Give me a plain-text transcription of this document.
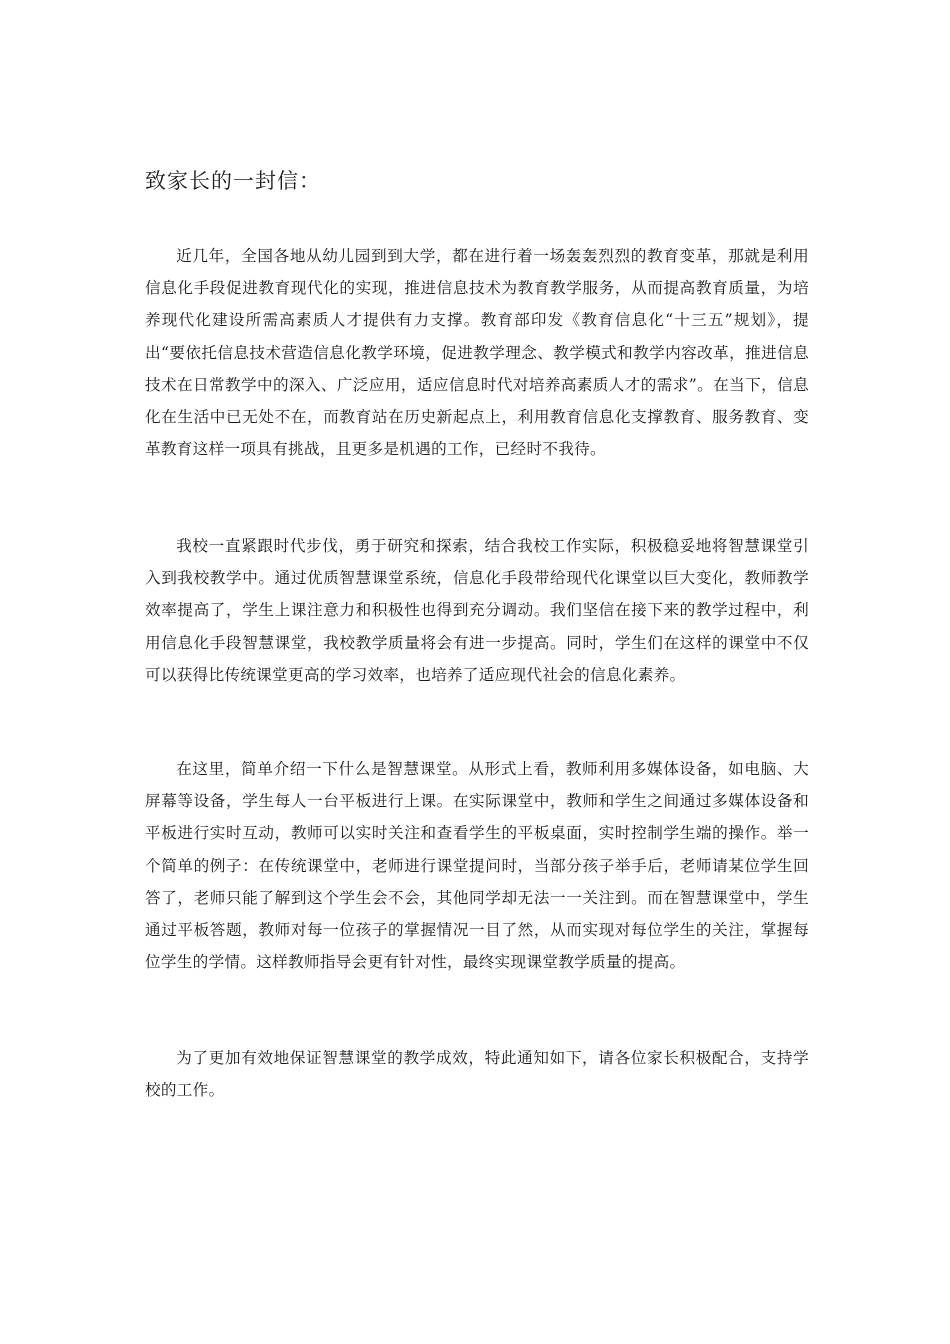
致家长的一封信：

近几年，全国各地从幼儿园到到大学，都在进行着一场轰轰烈烈的教育变革，那就是利用信息化手段促进教育现代化的实现，推进信息技术为教育教学服务，从而提高教育质量，为培养现代化建设所需高素质人才提供有力支撑。教育部印发《教育信息化“十三五”规划》，提出“要依托信息技术营造信息化教学环境，促进教学理念、教学模式和教学内容改革，推进信息技术在日常教学中的深入、广泛应用，适应信息时代对培养高素质人才的需求”。在当下，信息化在生活中已无处不在，而教育站在历史新起点上，利用教育信息化支撑教育、服务教育、变革教育这样一项具有挑战，且更多是机遇的工作，已经时不我待。

我校一直紧跟时代步伐，勇于研究和探索，结合我校工作实际，积极稳妥地将智慧课堂引入到我校教学中。通过优质智慧课堂系统，信息化手段带给现代化课堂以巨大变化，教师教学效率提高了，学生上课注意力和积极性也得到充分调动。我们坚信在接下来的教学过程中，利用信息化手段智慧课堂，我校教学质量将会有进一步提高。同时，学生们在这样的课堂中不仅可以获得比传统课堂更高的学习效率，也培养了适应现代社会的信息化素养。

在这里，简单介绍一下什么是智慧课堂。从形式上看，教师利用多媒体设备，如电脑、大屏幕等设备，学生每人一台平板进行上课。在实际课堂中，教师和学生之间通过多媒体设备和平板进行实时互动，教师可以实时关注和查看学生的平板桌面，实时控制学生端的操作。举一个简单的例子：在传统课堂中，老师进行课堂提问时，当部分孩子举手后，老师请某位学生回答了，老师只能了解到这个学生会不会，其他同学却无法一一关注到。而在智慧课堂中，学生通过平板答题，教师对每一位孩子的掌握情况一目了然，从而实现对每位学生的关注，掌握每位学生的学情。这样教师指导会更有针对性，最终实现课堂教学质量的提高。

为了更加有效地保证智慧课堂的教学成效，特此通知如下，请各位家长积极配合，支持学校的工作。
